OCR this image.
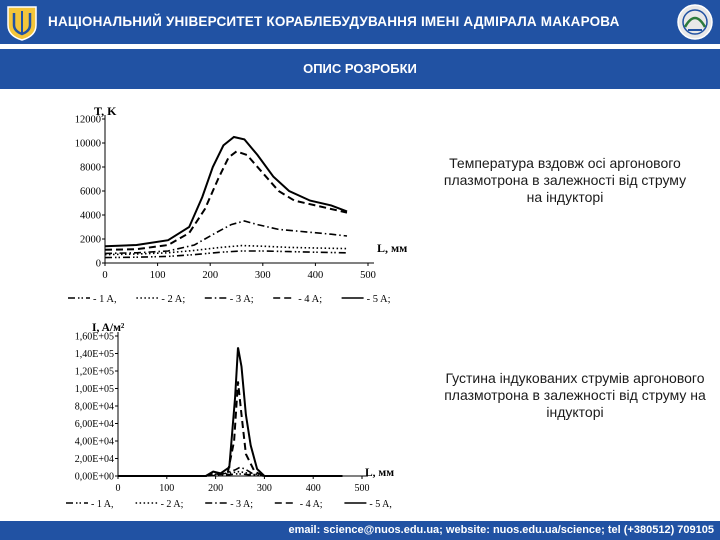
НАЦІОНАЛЬНИЙ УНІВЕРСИТЕТ КОРАБЛЕБУДУВАННЯ ІМЕНІ АДМІРАЛА МАКАРОВА
ОПИС РОЗРОБКИ
0
2000
4000
6000
8000
10000
12000
0	100	200	300	400	500
T, K
L, мм
- 1 A,	- 2 A;	- 3 A;	- 4 A;	- 5 A;
0,00E+00
2,00E+04
4,00E+04
6,00E+04
8,00E+04
1,00E+05
1,20E+05
1,40E+05
1,60E+05
0	100	200	300	400	500
I, A/м²
L, мм
- 1 A,	- 2 A;	- 3 A;	- 4 A;	- 5 A,
Температура вздовж осі аргонового плазмотрона в залежності від струму на індукторі
Густина індукованих струмів аргонового плазмотрона в залежності від струму на індукторі
email: science@nuos.edu.ua; website: nuos.edu.ua/science; tel (+380512) 709105
